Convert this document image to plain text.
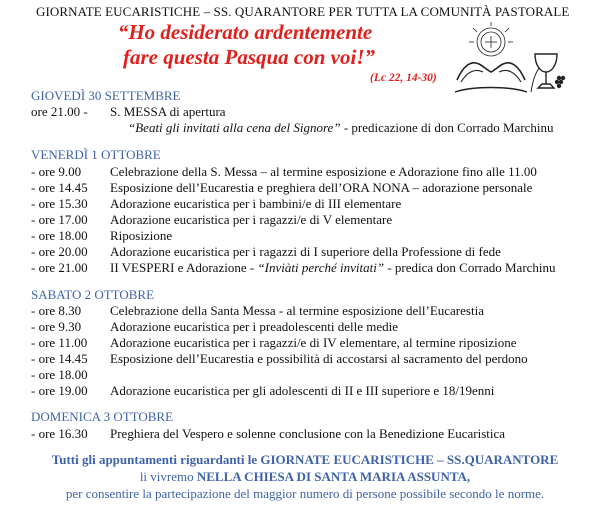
GIORNATE EUCARISTICHE – SS. QUARANTORE PER TUTTA LA COMUNITÀ PASTORALE
“Ho desiderato ardentemente
fare questa Pasqua con voi!”
(Lc 22, 14-30)
GIOVEDÌ 30 SETTEMBRE
ore 21.00 -	S. MESSA di apertura
“Beati gli invitati alla cena del Signore” - predicazione di don Corrado Marchinu
VENERDÌ 1 OTTOBRE
- ore 9.00	Celebrazione della S. Messa – al termine esposizione e Adorazione fino alle 11.00
- ore 14.45	Esposizione dell’Eucarestia e preghiera dell’ORA NONA – adorazione personale
- ore 15.30	Adorazione eucaristica per i bambini/e di III elementare
- ore 17.00	Adorazione eucaristica per i ragazzi/e di V elementare
- ore 18.00	Riposizione
- ore 20.00	Adorazione eucaristica per i ragazzi di I superiore della Professione di fede
- ore 21.00	II VESPERI e Adorazione - “Inviàti perché invitati” - predica don Corrado Marchinu
SABATO 2 OTTOBRE
- ore 8.30	Celebrazione della Santa Messa - al termine esposizione dell’Eucarestia
- ore 9.30	Adorazione eucaristica per i preadolescenti delle medie
- ore 11.00	Adorazione eucaristica per i ragazzi/e di IV elementare, al termine riposizione
- ore 14.45	Esposizione dell’Eucarestia e possibilità di accostarsi al sacramento del perdono
- ore 18.00
- ore 19.00	Adorazione eucaristica per gli adolescenti di II e III superiore e 18/19enni
DOMENICA 3 OTTOBRE
- ore 16.30	Preghiera del Vespero e solenne conclusione con la Benedizione Eucaristica
Tutti gli appuntamenti riguardanti le GIORNATE EUCARISTICHE – SS.QUARANTORE
li vivremo NELLA CHIESA DI SANTA MARIA ASSUNTA,
per consentire la partecipazione del maggior numero di persone possibile secondo le norme.
